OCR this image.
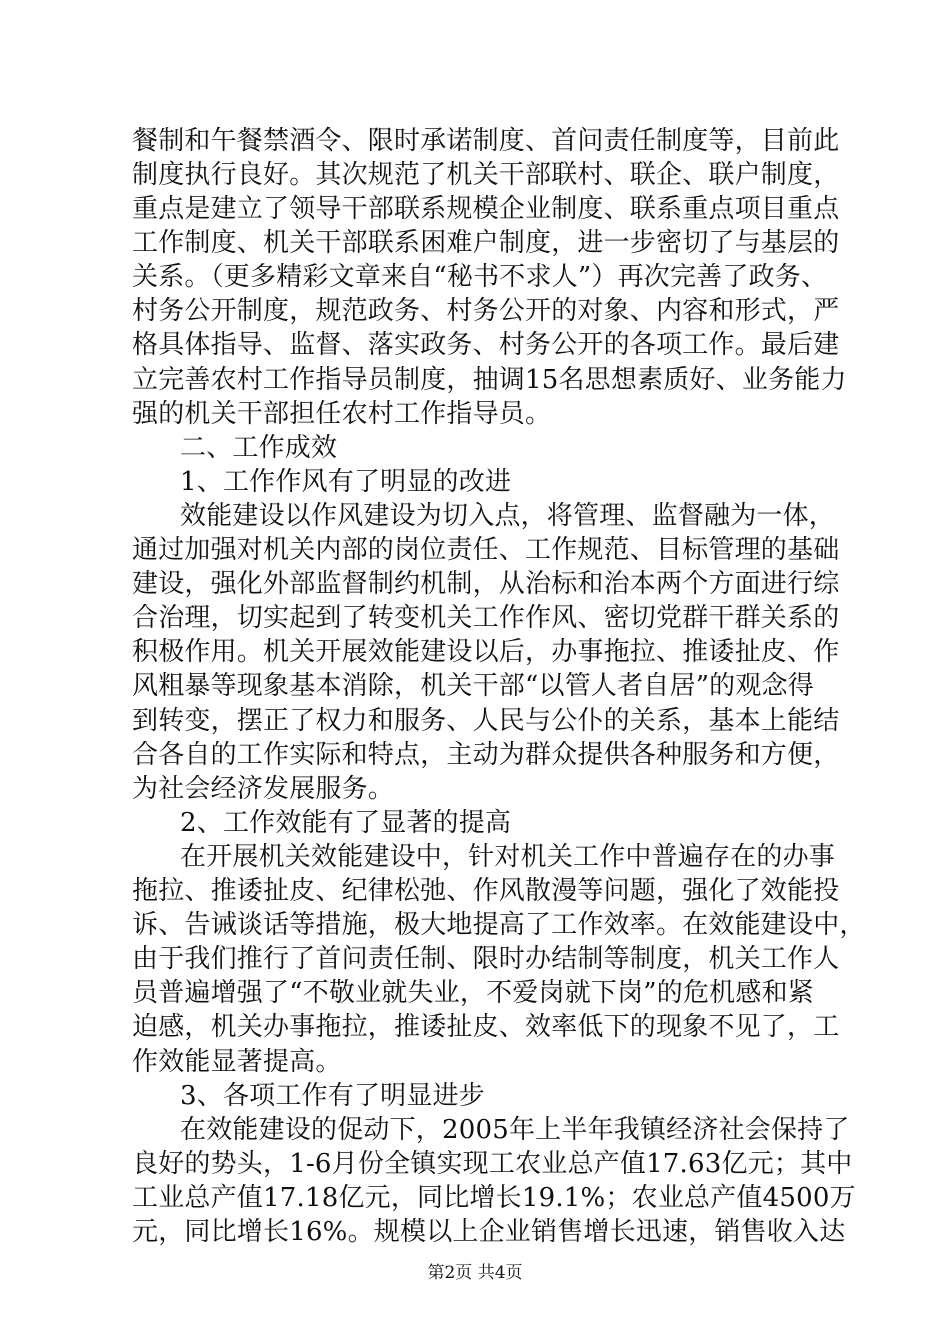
餐制和午餐禁酒令、限时承诺制度、首问责任制度等，目前此
制度执行良好。其次规范了机关干部联村、联企、联户制度，
重点是建立了领导干部联系规模企业制度、联系重点项目重点
工作制度、机关干部联系困难户制度，进一步密切了与基层的
关系。（更多精彩文章来自“秘书不求人”）再次完善了政务、
村务公开制度，规范政务、村务公开的对象、内容和形式，严
格具体指导、监督、落实政务、村务公开的各项工作。最后建
立完善农村工作指导员制度，抽调15名思想素质好、业务能力
强的机关干部担任农村工作指导员。
二、工作成效
1、工作作风有了明显的改进
效能建设以作风建设为切入点，将管理、监督融为一体，
通过加强对机关内部的岗位责任、工作规范、目标管理的基础
建设，强化外部监督制约机制，从治标和治本两个方面进行综
合治理，切实起到了转变机关工作作风、密切党群干群关系的
积极作用。机关开展效能建设以后，办事拖拉、推诿扯皮、作
风粗暴等现象基本消除，机关干部“以管人者自居”的观念得
到转变，摆正了权力和服务、人民与公仆的关系，基本上能结
合各自的工作实际和特点，主动为群众提供各种服务和方便，
为社会经济发展服务。
2、工作效能有了显著的提高
在开展机关效能建设中，针对机关工作中普遍存在的办事
拖拉、推诿扯皮、纪律松弛、作风散漫等问题，强化了效能投
诉、告诫谈话等措施，极大地提高了工作效率。在效能建设中，
由于我们推行了首问责任制、限时办结制等制度，机关工作人
员普遍增强了“不敬业就失业，不爱岗就下岗”的危机感和紧
迫感，机关办事拖拉，推诿扯皮、效率低下的现象不见了，工
作效能显著提高。
3、各项工作有了明显进步
在效能建设的促动下，2005年上半年我镇经济社会保持了
良好的势头，1-6月份全镇实现工农业总产值17.63亿元；其中
工业总产值17.18亿元，同比增长19.1%；农业总产值4500万
元，同比增长16%。规模以上企业销售增长迅速，销售收入达
第2页 共4页
